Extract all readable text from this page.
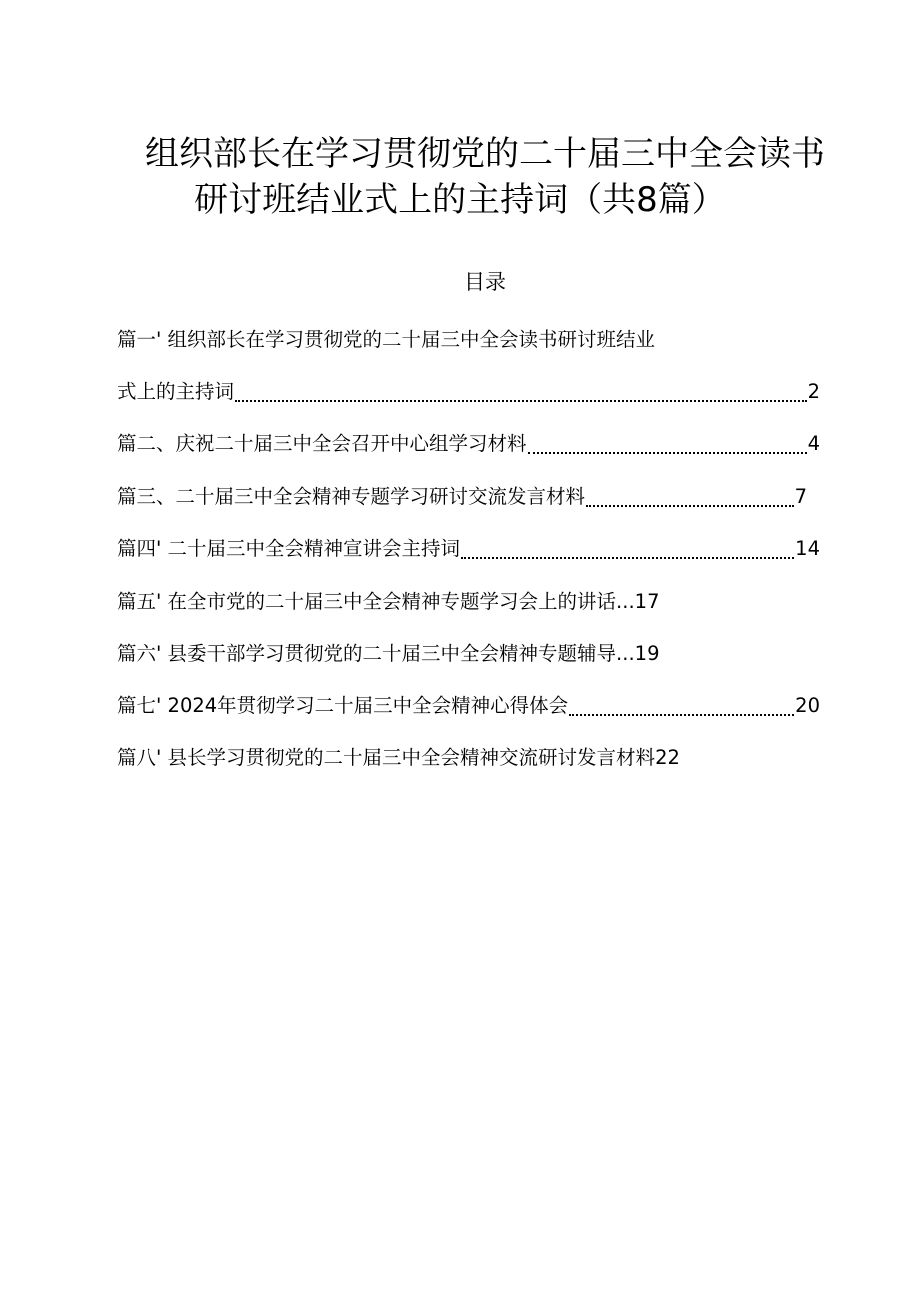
组织部长在学习贯彻党的二十届三中全会读书
研讨班结业式上的主持词（共8篇）
目录
篇一' 组织部长在学习贯彻党的二十届三中全会读书研讨班结业
式上的主持词	2
篇二、庆祝二十届三中全会召开中心组学习材料	4
篇三、二十届三中全会精神专题学习研讨交流发言材料	7
篇四' 二十届三中全会精神宣讲会主持词	14
篇五' 在全市党的二十届三中全会精神专题学习会上的讲话... 17
篇六' 县委干部学习贯彻党的二十届三中全会精神专题辅导... 19
篇七' 2024年贯彻学习二十届三中全会精神心得体会	20
篇八' 县长学习贯彻党的二十届三中全会精神交流研讨发言材料 22
